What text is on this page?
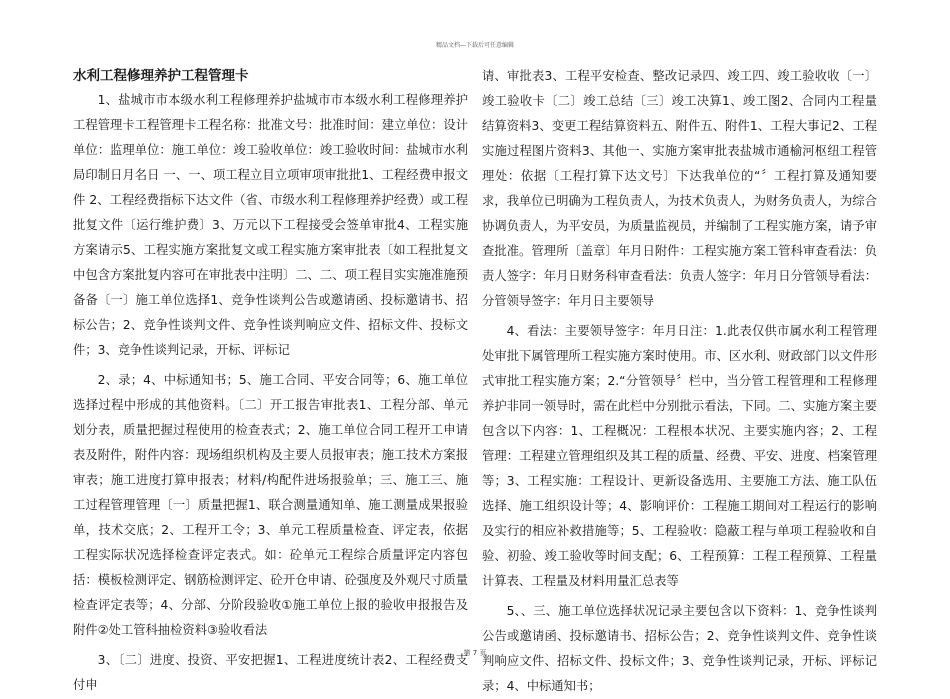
精品文档—下载后可任意编辑

水利工程修理养护工程管理卡

1、盐城市市本级水利工程修理养护盐城市市本级水利工程修理养护工程管理卡工程管理卡工程名称：批准文号：批准时间：建立单位：设计单位：监理单位：施工单位：竣工验收单位：竣工验收时间：盐城市水利局印制日月名日 一、一、项工程立目立项审项审批批1、工程经费申报文件 2、工程经费指标下达文件（省、市级水利工程修理养护经费）或工程批复文件〔运行维护费〕3、万元以下工程接受会签单审批4、工程实施方案请示5、工程实施方案批复文或工程实施方案审批表〔如工程批复文中包含方案批复内容可在审批表中注明〕二、二、项工程目实实施准施预备备〔一〕施工单位选择1、竞争性谈判公告或邀请函、投标邀请书、招标公告；2、竞争性谈判文件、竞争性谈判响应文件、招标文件、投标文件；3、竞争性谈判记录，开标、评标记

2、录；4、中标通知书；5、施工合同、平安合同等；6、施工单位选择过程中形成的其他资料。〔二〕开工报告审批表1、工程分部、单元划分表，质量把握过程使用的检查表式；2、施工单位合同工程开工申请表及附件，附件内容：现场组织机构及主要人员报审表；施工技术方案报审表；施工进度打算申报表；材料/构配件进场报验单；三、施工三、施工过程管理管理〔一〕质量把握1、联合测量通知单、施工测量成果报验单，技术交底；2、工程开工令；3、单元工程质量检查、评定表，依据工程实际状况选择检查评定表式。如：砼单元工程综合质量评定内容包括：模板检测评定、钢筋检测评定、砼开仓申请、砼强度及外观尺寸质量检查评定表等；4、分部、分阶段验收①施工单位上报的验收申报报告及附件②处工管科抽检资料③验收看法

3、〔二〕进度、投资、平安把握1、工程进度统计表2、工程经费支付申

请、审批表3、工程平安检查、整改记录四、竣工四、竣工验收收〔一〕竣工验收卡〔二〕竣工总结〔三〕竣工决算1、竣工图2、合同内工程量结算资料3、变更工程结算资料五、附件五、附件1、工程大事记2、工程实施过程图片资料3、其他一、实施方案审批表盐城市通榆河枢纽工程管理处：依据〔工程打算下达文号〕下达我单位的“〞工程打算及通知要求，我单位已明确为工程负责人，为技术负责人，为财务负责人，为综合协调负责人，为平安员，为质量监视员，并编制了工程实施方案，请予审查批准。管理所〔盖章〕年月日附件：工程实施方案工管科审查看法：负责人签字：年月日财务科审查看法：负责人签字：年月日分管领导看法：分管领导签字：年月日主要领导

4、看法：主要领导签字：年月日注：1.此表仅供市属水利工程管理处审批下属管理所工程实施方案时使用。市、区水利、财政部门以文件形式审批工程实施方案；2.“分管领导〞栏中，当分管工程管理和工程修理养护非同一领导时，需在此栏中分别批示看法，下同。二、实施方案主要包含以下内容：1、工程概况：工程根本状况、主要实施内容；2、工程管理：工程建立管理组织及其工程的质量、经费、平安、进度、档案管理等；3、工程实施：工程设计、更新设备选用、主要施工方法、施工队伍选择、施工组织设计等；4、影响评价：工程施工期间对工程运行的影响及实行的相应补救措施等；5、工程验收：隐蔽工程与单项工程验收和自验、初验、竣工验收等时间支配；6、工程预算：工程工程预算、工程量计算表、工程量及材料用量汇总表等

5、、三、施工单位选择状况记录主要包含以下资料：1、竞争性谈判公告或邀请函、投标邀请书、招标公告；2、竞争性谈判文件、竞争性谈判响应文件、招标文件、投标文件；3、竞争性谈判记录，开标、评标记录；4、中标通知书；

第 7 页
